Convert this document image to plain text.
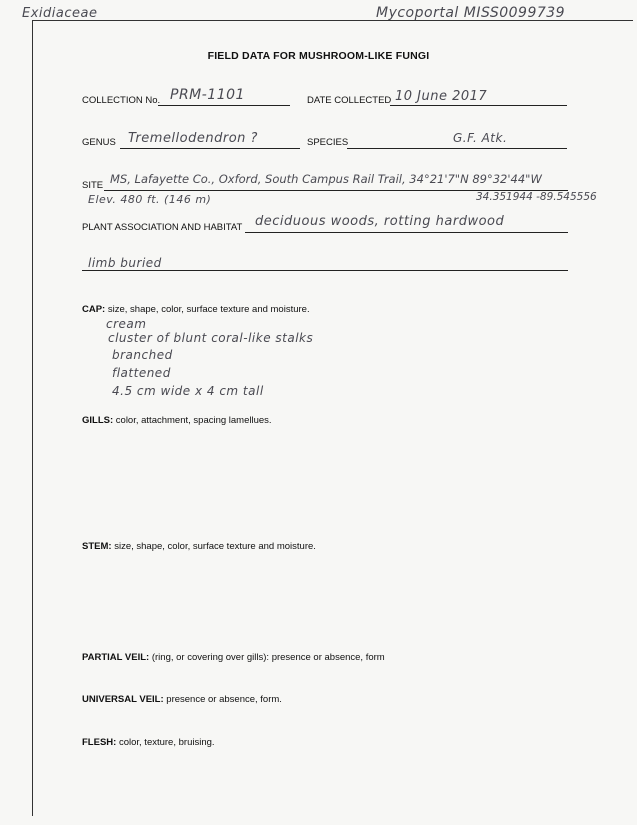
Exidiaceae	Mycoportal MISS0099739
FIELD DATA FOR MUSHROOM-LIKE FUNGI
COLLECTION No. PRM-1101	DATE COLLECTED 10 June 2017
GENUS Tremellodendron ?	SPECIES	G.F. Atk.
SITE MS, Lafayette Co., Oxford, South Campus Rail Trail, 34°21'7"N 89°32'44"W
Elev. 480 ft. (146 m)	34.351944 -89.545556
PLANT ASSOCIATION AND HABITAT deciduous woods, rotting hardwood
limb buried
CAP: size, shape, color, surface texture and moisture.
cream
cluster of blunt coral-like stalks
branched
flattened
4.5 cm wide x 4 cm tall
GILLS: color, attachment, spacing lamellues.
STEM: size, shape, color, surface texture and moisture.
PARTIAL VEIL: (ring, or covering over gills): presence or absence, form
UNIVERSAL VEIL: presence or absence, form.
FLESH: color, texture, bruising.
